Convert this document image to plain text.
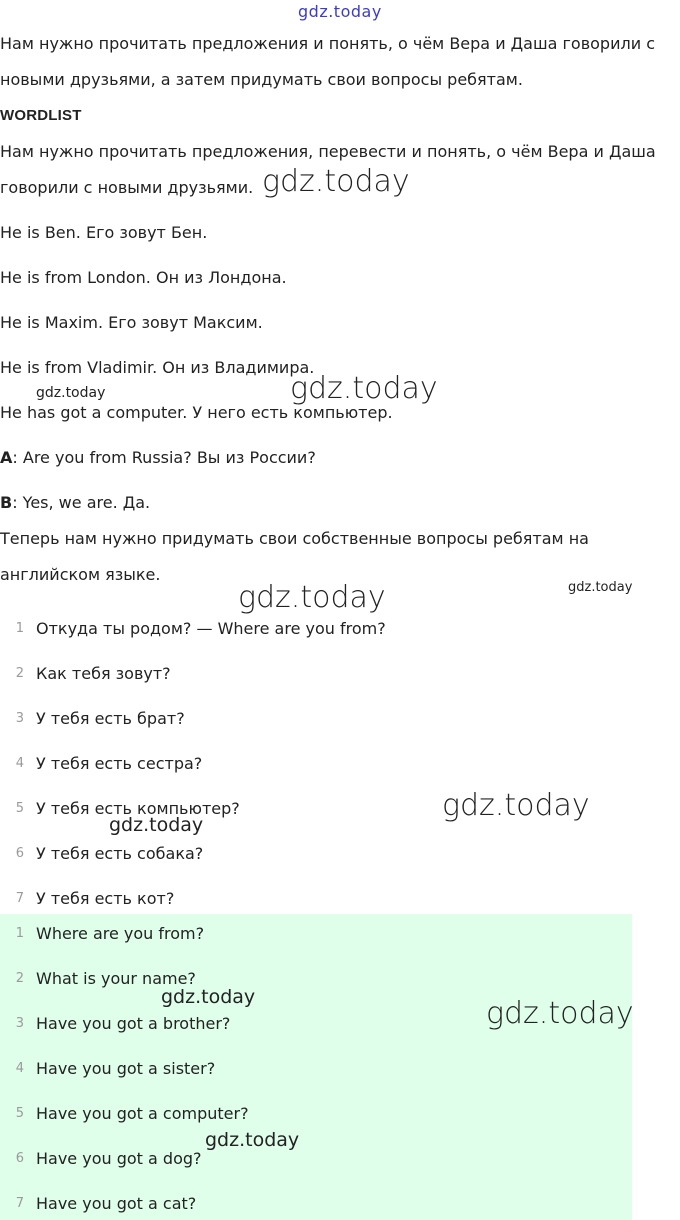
gdz.today
Нам нужно прочитать предложения и понять, о чём Вера и Даша говорили с
новыми друзьями, а затем придумать свои вопросы ребятам.
WORDLIST
Нам нужно прочитать предложения, перевести и понять, о чём Вера и Даша
говорили с новыми друзьями.
He is Ben. Его зовут Бен.
He is from London. Он из Лондона.
He is Maxim. Его зовут Максим.
He is from Vladimir. Он из Владимира.
He has got a computer. У него есть компьютер.
A: Are you from Russia? Вы из России?
B: Yes, we are. Да.
Теперь нам нужно придумать свои собственные вопросы ребятам на
английском языке.
1 Откуда ты родом? — Where are you from?
2 Как тебя зовут?
3 У тебя есть брат?
4 У тебя есть сестра?
5 У тебя есть компьютер?
6 У тебя есть собака?
7 У тебя есть кот?
1 Where are you from?
2 What is your name?
3 Have you got a brother?
4 Have you got a sister?
5 Have you got a computer?
6 Have you got a dog?
7 Have you got a cat?
gdz.today
gdz.today	gdz.today
gdz.today	gdz.today
gdz.today
gdz.today
gdz.today	gdz.today
gdz.today
